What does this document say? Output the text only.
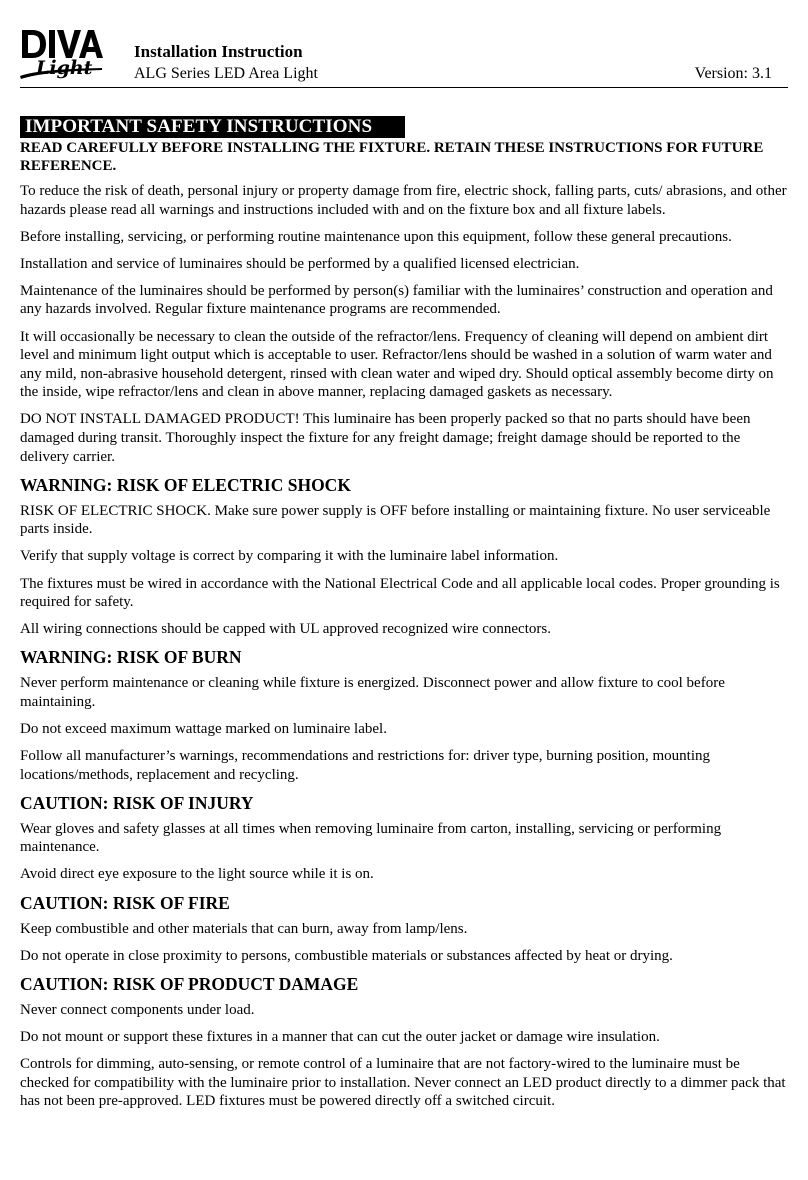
Light
Installation Instruction
ALG Series LED Area Light	Version: 3.1
IMPORTANT SAFETY INSTRUCTIONS
READ CAREFULLY BEFORE INSTALLING THE FIXTURE. RETAIN THESE INSTRUCTIONS FOR FUTURE REFERENCE.

To reduce the risk of death, personal injury or property damage from fire, electric shock, falling parts, cuts/ abrasions, and other hazards please read all warnings and instructions included with and on the fixture box and all fixture labels.

Before installing, servicing, or performing routine maintenance upon this equipment, follow these general precautions.

Installation and service of luminaires should be performed by a qualified licensed electrician.

Maintenance of the luminaires should be performed by person(s) familiar with the luminaires’ construction and operation and any hazards involved. Regular fixture maintenance programs are recommended.

It will occasionally be necessary to clean the outside of the refractor/lens. Frequency of cleaning will depend on ambient dirt level and minimum light output which is acceptable to user. Refractor/lens should be washed in a solution of warm water and any mild, non-abrasive household detergent, rinsed with clean water and wiped dry. Should optical assembly become dirty on the inside, wipe refractor/lens and clean in above manner, replacing damaged gaskets as necessary.

DO NOT INSTALL DAMAGED PRODUCT! This luminaire has been properly packed so that no parts should have been damaged during transit. Thoroughly inspect the fixture for any freight damage; freight damage should be reported to the delivery carrier.

WARNING: RISK OF ELECTRIC SHOCK

RISK OF ELECTRIC SHOCK. Make sure power supply is OFF before installing or maintaining fixture. No user serviceable parts inside.

Verify that supply voltage is correct by comparing it with the luminaire label information.

The fixtures must be wired in accordance with the National Electrical Code and all applicable local codes. Proper grounding is required for safety.

All wiring connections should be capped with UL approved recognized wire connectors.

WARNING: RISK OF BURN

Never perform maintenance or cleaning while fixture is energized. Disconnect power and allow fixture to cool before maintaining.

Do not exceed maximum wattage marked on luminaire label.

Follow all manufacturer’s warnings, recommendations and restrictions for: driver type, burning position, mounting locations/methods, replacement and recycling.

CAUTION: RISK OF INJURY

Wear gloves and safety glasses at all times when removing luminaire from carton, installing, servicing or performing maintenance.

Avoid direct eye exposure to the light source while it is on.

CAUTION: RISK OF FIRE

Keep combustible and other materials that can burn, away from lamp/lens.

Do not operate in close proximity to persons, combustible materials or substances affected by heat or drying.

CAUTION: RISK OF PRODUCT DAMAGE

Never connect components under load.

Do not mount or support these fixtures in a manner that can cut the outer jacket or damage wire insulation.

Controls for dimming, auto-sensing, or remote control of a luminaire that are not factory-wired to the luminaire must be checked for compatibility with the luminaire prior to installation. Never connect an LED product directly to a dimmer pack that has not been pre-approved. LED fixtures must be powered directly off a switched circuit.
